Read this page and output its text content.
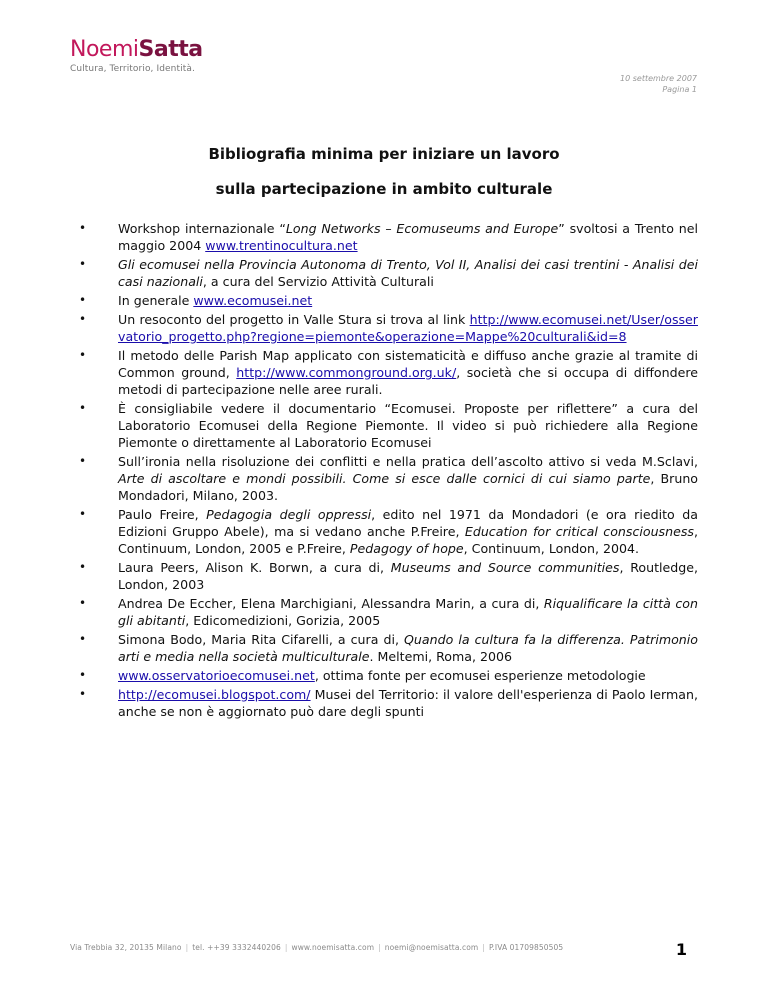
NoemiSatta
Cultura, Territorio, Identità.
10 settembre 2007
Pagina 1
Bibliografia minima per iniziare un lavoro
sulla partecipazione in ambito culturale
• Workshop internazionale “Long Networks – Ecomuseums and Europe” svoltosi a Trento nel maggio 2004 www.trentinocultura.net
• Gli ecomusei nella Provincia Autonoma di Trento, Vol II, Analisi dei casi trentini - Analisi dei casi nazionali, a cura del Servizio Attività Culturali
• In generale www.ecomusei.net
• Un resoconto del progetto in Valle Stura si trova al link http://www.ecomusei.net/User/osservatorio_progetto.php?regione=piemonte&operazione=Mappe%20culturali&id=8
• Il metodo delle Parish Map applicato con sistematicità e diffuso anche grazie al tramite di Common ground, http://www.commonground.org.uk/, società che si occupa di diffondere metodi di partecipazione nelle aree rurali.
• È consigliabile vedere il documentario “Ecomusei. Proposte per riflettere” a cura del Laboratorio Ecomusei della Regione Piemonte. Il video si può richiedere alla Regione Piemonte o direttamente al Laboratorio Ecomusei
• Sull’ironia nella risoluzione dei conflitti e nella pratica dell’ascolto attivo si veda M.Sclavi, Arte di ascoltare e mondi possibili. Come si esce dalle cornici di cui siamo parte, Bruno Mondadori, Milano, 2003.
• Paulo Freire, Pedagogia degli oppressi, edito nel 1971 da Mondadori (e ora riedito da Edizioni Gruppo Abele), ma si vedano anche P.Freire, Education for critical consciousness, Continuum, London, 2005 e P.Freire, Pedagogy of hope, Continuum, London, 2004.
• Laura Peers, Alison K. Borwn, a cura di, Museums and Source communities, Routledge, London, 2003
• Andrea De Eccher, Elena Marchigiani, Alessandra Marin, a cura di, Riqualificare la città con gli abitanti, Edicomedizioni, Gorizia, 2005
• Simona Bodo, Maria Rita Cifarelli, a cura di, Quando la cultura fa la differenza. Patrimonio arti e media nella società multiculturale. Meltemi, Roma, 2006
• www.osservatorioecomusei.net, ottima fonte per ecomusei esperienze metodologie
• http://ecomusei.blogspot.com/ Musei del Territorio: il valore dell'esperienza di Paolo Ierman, anche se non è aggiornato può dare degli spunti
Via Trebbia 32, 20135 Milano | tel. ++39 3332440206 | www.noemisatta.com | noemi@noemisatta.com | P.IVA 01709850505	1
